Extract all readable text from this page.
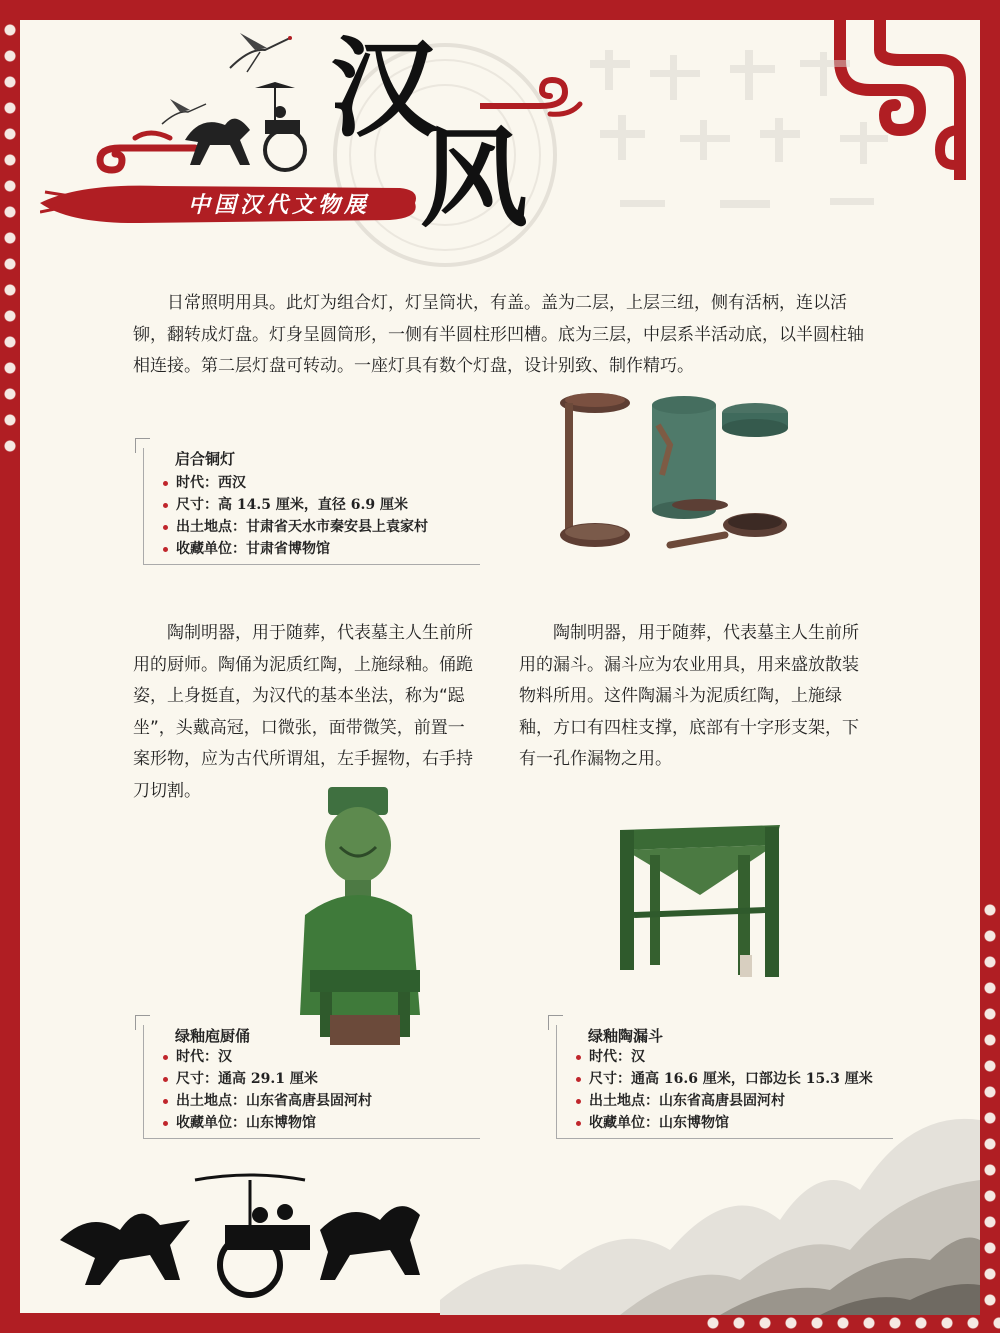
中国汉代文物展
汉
风

日常照明用具。此灯为组合灯，灯呈筒状，有盖。盖为二层，上层三纽，侧有活柄，连以活铆，翻转成灯盘。灯身呈圆筒形，一侧有半圆柱形凹槽。底为三层，中层系半活动底，以半圆柱轴相连接。第二层灯盘可转动。一座灯具有数个灯盘，设计别致、制作精巧。

启合铜灯
时代：西汉
尺寸：高 14.5 厘米，直径 6.9 厘米
出土地点：甘肃省天水市秦安县上袁家村
收藏单位：甘肃省博物馆

陶制明器，用于随葬，代表墓主人生前所用的厨师。陶俑为泥质红陶，上施绿釉。俑跪姿，上身挺直，为汉代的基本坐法，称为“跽坐”，头戴高冠，口微张，面带微笑，前置一案形物，应为古代所谓俎，左手握物，右手持刀切割。

绿釉庖厨俑
时代：汉
尺寸：通高 29.1 厘米
出土地点：山东省高唐县固河村
收藏单位：山东博物馆

陶制明器，用于随葬，代表墓主人生前所用的漏斗。漏斗应为农业用具，用来盛放散装物料所用。这件陶漏斗为泥质红陶，上施绿釉，方口有四柱支撑，底部有十字形支架，下有一孔作漏物之用。

绿釉陶漏斗
时代：汉
尺寸：通高 16.6 厘米，口部边长 15.3 厘米
出土地点：山东省高唐县固河村
收藏单位：山东博物馆
